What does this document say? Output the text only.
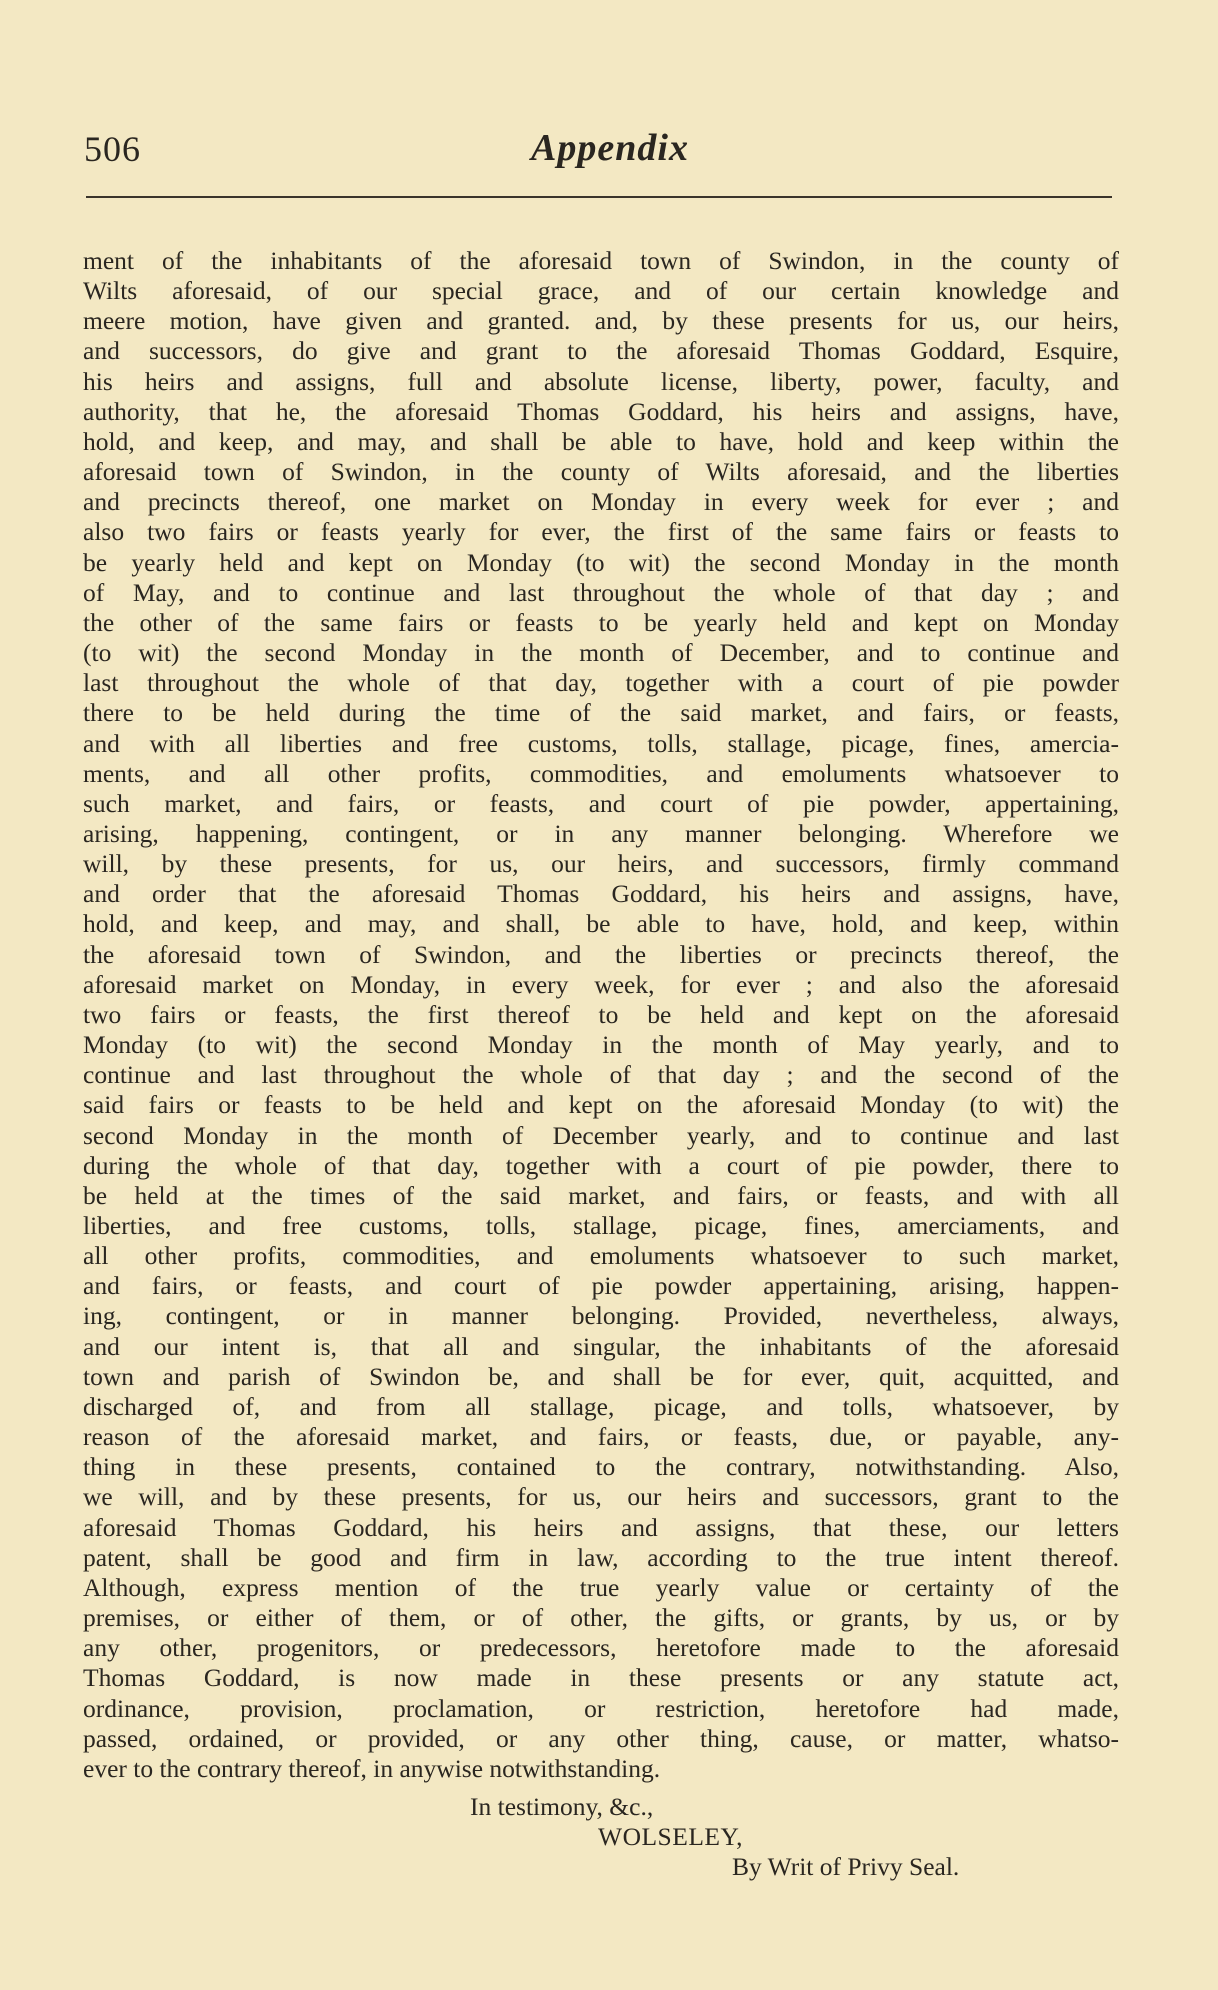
506	Appendix
ment of the inhabitants of the aforesaid town of Swindon, in the county of
Wilts aforesaid, of our special grace, and of our certain knowledge and
meere motion, have given and granted. and, by these presents for us, our heirs,
and successors, do give and grant to the aforesaid Thomas Goddard, Esquire,
his heirs and assigns, full and absolute license, liberty, power, faculty, and
authority, that he, the aforesaid Thomas Goddard, his heirs and assigns, have,
hold, and keep, and may, and shall be able to have, hold and keep within the
aforesaid town of Swindon, in the county of Wilts aforesaid, and the liberties
and precincts thereof, one market on Monday in every week for ever ; and
also two fairs or feasts yearly for ever, the first of the same fairs or feasts to
be yearly held and kept on Monday (to wit) the second Monday in the month
of May, and to continue and last throughout the whole of that day ; and
the other of the same fairs or feasts to be yearly held and kept on Monday
(to wit) the second Monday in the month of December, and to continue and
last throughout the whole of that day, together with a court of pie powder
there to be held during the time of the said market, and fairs, or feasts,
and with all liberties and free customs, tolls, stallage, picage, fines, amercia-
ments, and all other profits, commodities, and emoluments whatsoever to
such market, and fairs, or feasts, and court of pie powder, appertaining,
arising, happening, contingent, or in any manner belonging. Wherefore we
will, by these presents, for us, our heirs, and successors, firmly command
and order that the aforesaid Thomas Goddard, his heirs and assigns, have,
hold, and keep, and may, and shall, be able to have, hold, and keep, within
the aforesaid town of Swindon, and the liberties or precincts thereof, the
aforesaid market on Monday, in every week, for ever ; and also the aforesaid
two fairs or feasts, the first thereof to be held and kept on the aforesaid
Monday (to wit) the second Monday in the month of May yearly, and to
continue and last throughout the whole of that day ; and the second of the
said fairs or feasts to be held and kept on the aforesaid Monday (to wit) the
second Monday in the month of December yearly, and to continue and last
during the whole of that day, together with a court of pie powder, there to
be held at the times of the said market, and fairs, or feasts, and with all
liberties, and free customs, tolls, stallage, picage, fines, amerciaments, and
all other profits, commodities, and emoluments whatsoever to such market,
and fairs, or feasts, and court of pie powder appertaining, arising, happen-
ing, contingent, or in manner belonging. Provided, nevertheless, always,
and our intent is, that all and singular, the inhabitants of the aforesaid
town and parish of Swindon be, and shall be for ever, quit, acquitted, and
discharged of, and from all stallage, picage, and tolls, whatsoever, by
reason of the aforesaid market, and fairs, or feasts, due, or payable, any-
thing in these presents, contained to the contrary, notwithstanding. Also,
we will, and by these presents, for us, our heirs and successors, grant to the
aforesaid Thomas Goddard, his heirs and assigns, that these, our letters
patent, shall be good and firm in law, according to the true intent thereof.
Although, express mention of the true yearly value or certainty of the
premises, or either of them, or of other, the gifts, or grants, by us, or by
any other, progenitors, or predecessors, heretofore made to the aforesaid
Thomas Goddard, is now made in these presents or any statute act,
ordinance, provision, proclamation, or restriction, heretofore had made,
passed, ordained, or provided, or any other thing, cause, or matter, whatso-
ever to the contrary thereof, in anywise notwithstanding.
In testimony, &c.,
WOLSELEY,
By Writ of Privy Seal.
